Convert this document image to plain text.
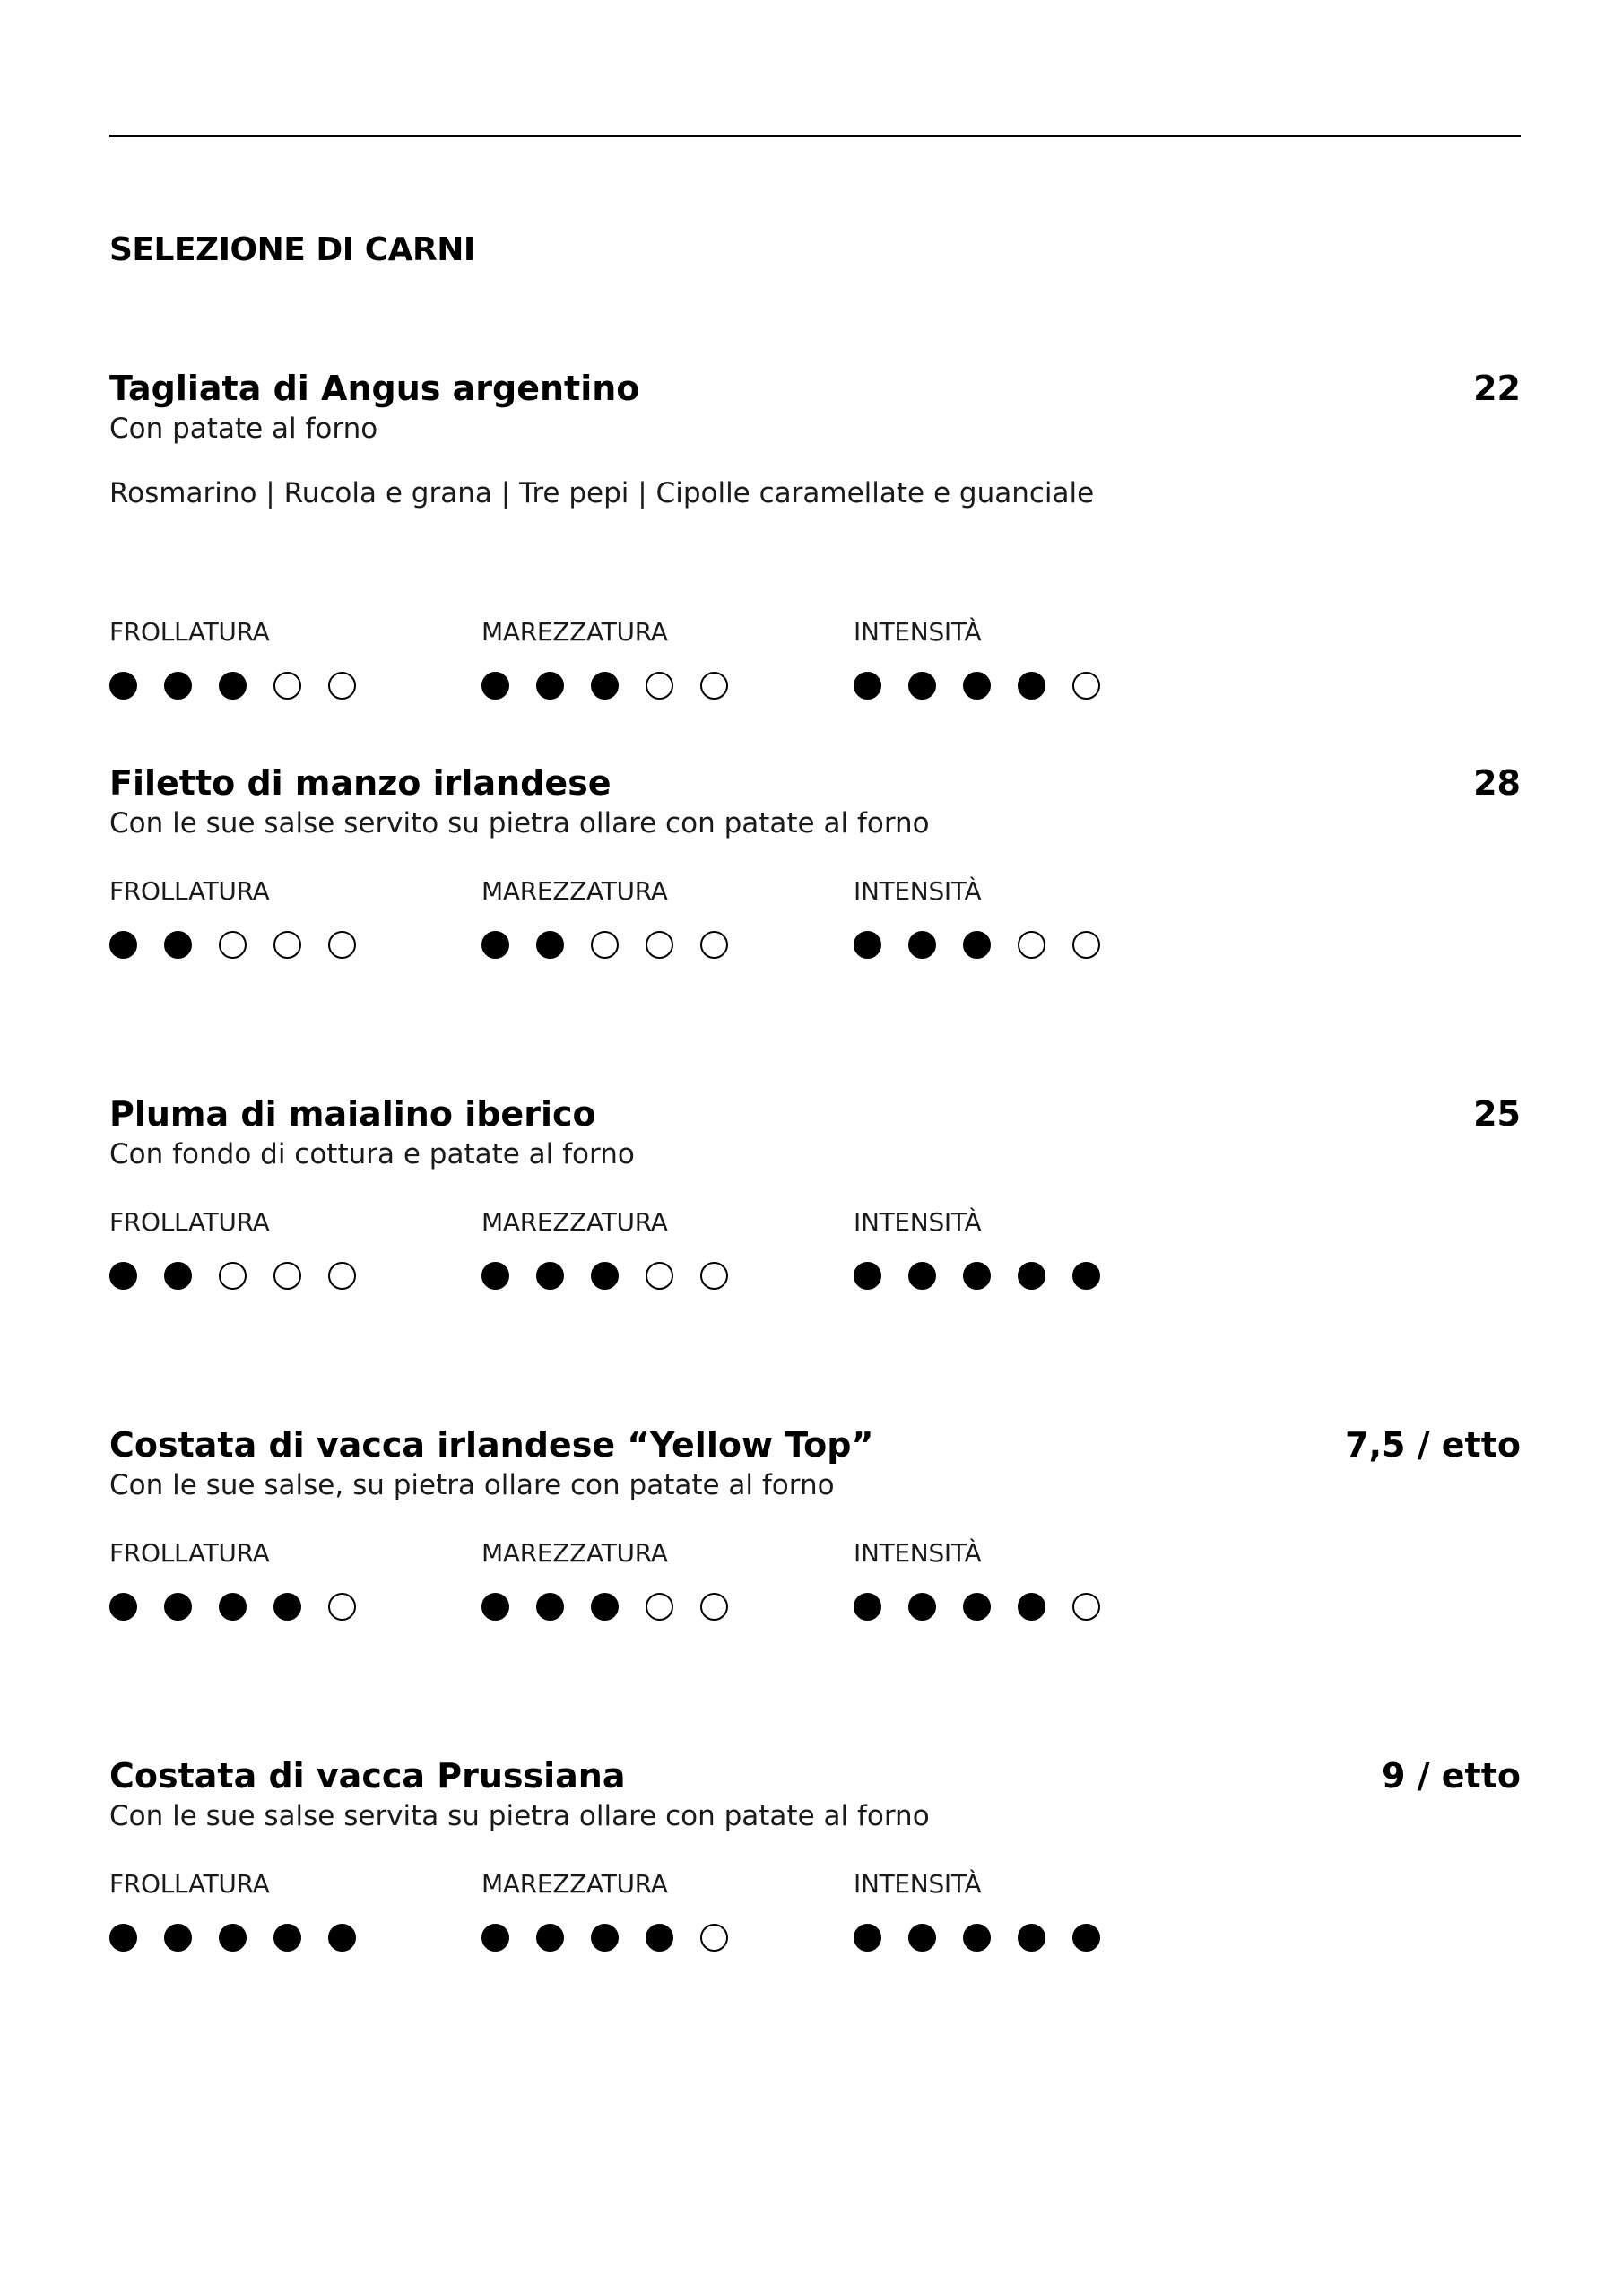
SELEZIONE DI CARNI
Tagliata di Angus argentino	22

Con patate al forno

Rosmarino | Rucola e grana | Tre pepi | Cipolle caramellate e guanciale

FROLLATURA	MAREZZATURA	INTENSITÀ

Filetto di manzo irlandese	28

Con le sue salse servito su pietra ollare con patate al forno

FROLLATURA	MAREZZATURA	INTENSITÀ

Pluma di maialino iberico	25

Con fondo di cottura e patate al forno

FROLLATURA	MAREZZATURA	INTENSITÀ

Costata di vacca irlandese “Yellow Top”	7,5 / etto

Con le sue salse, su pietra ollare con patate al forno

FROLLATURA	MAREZZATURA	INTENSITÀ

Costata di vacca Prussiana	9 / etto

Con le sue salse servita su pietra ollare con patate al forno

FROLLATURA	MAREZZATURA	INTENSITÀ
